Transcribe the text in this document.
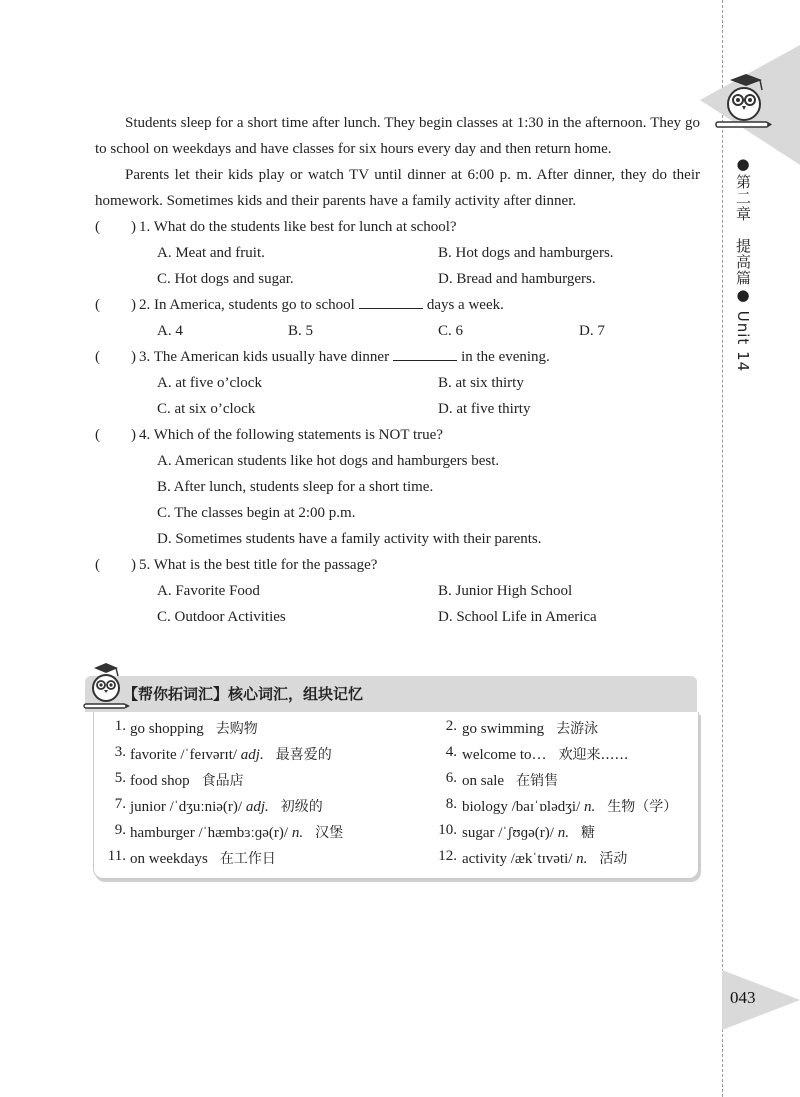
●第二章　提高篇● Unit 14
043

Students sleep for a short time after lunch. They begin classes at 1:30 in the afternoon. They go to school on weekdays and have classes for six hours every day and then return home.

Parents let their kids play or watch TV until dinner at 6:00 p. m. After dinner, they do their homework. Sometimes kids and their parents have a family activity after dinner.

( ) 1. What do the students like best for lunch at school?
A. Meat and fruit.	B. Hot dogs and hamburgers.
C. Hot dogs and sugar.	D. Bread and hamburgers.
( ) 2. In America, students go to school	days a week.
A. 4	B. 5	C. 6	D. 7
( ) 3. The American kids usually have dinner	in the evening.
A. at five o’clock	B. at six thirty
C. at six o’clock	D. at five thirty
( ) 4. Which of the following statements is NOT true?
A. American students like hot dogs and hamburgers best.
B. After lunch, students sleep for a short time.
C. The classes begin at 2:00 p.m.
D. Sometimes students have a family activity with their parents.
( ) 5. What is the best title for the passage?
A. Favorite Food	B. Junior High School
C. Outdoor Activities	D. School Life in America
【帮你拓词汇】核心词汇，组块记忆
1. go shopping 去购物	2. go swimming 去游泳
3. favorite /ˈfeɪvərɪt/ adj. 最喜爱的	4. welcome to… 欢迎来……
5. food shop 食品店	6. on sale 在销售
7. junior /ˈdʒuːniə(r)/ adj. 初级的	8. biology /baɪˈɒlədʒi/ n. 生物（学）
9. hamburger /ˈhæmbɜːɡə(r)/ n. 汉堡	10. sugar /ˈʃʊɡə(r)/ n. 糖
11. on weekdays 在工作日	12. activity /ækˈtɪvəti/ n. 活动
